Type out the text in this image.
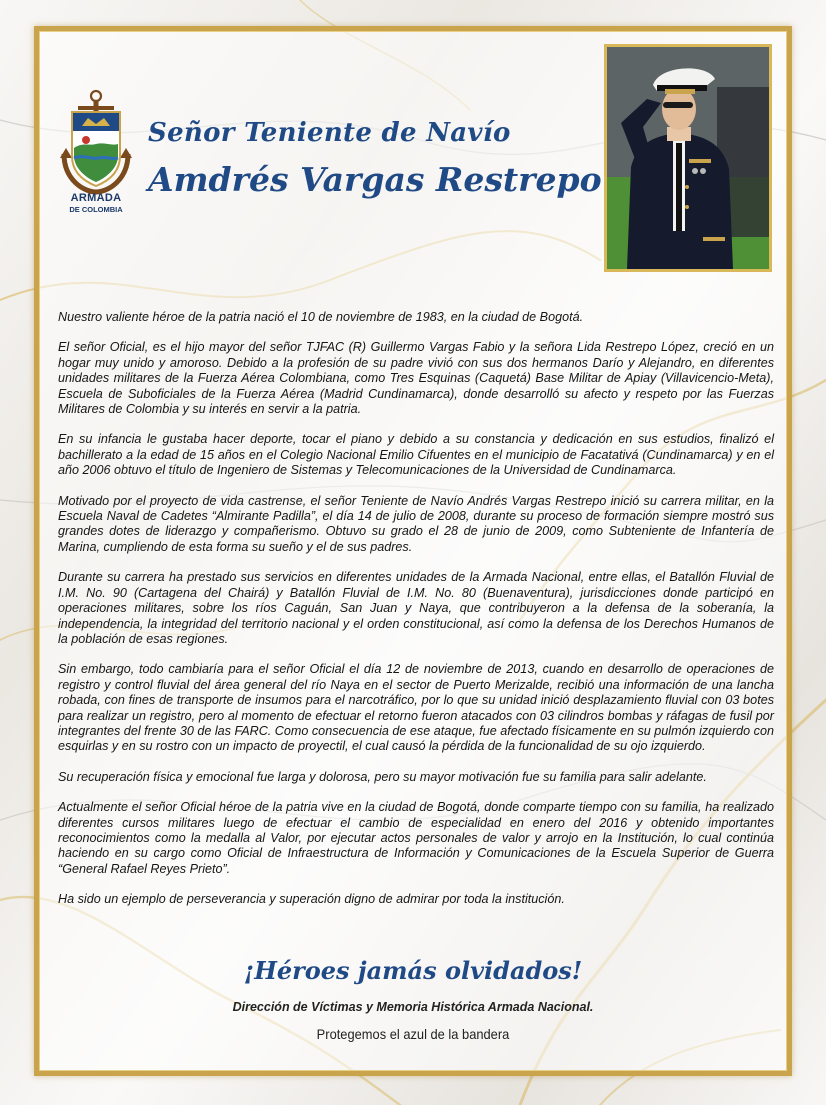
ARMADA
DE COLOMBIA
Señor Teniente de Navío
Amdrés Vargas Restrepo

Nuestro valiente héroe de la patria nació el 10 de noviembre de 1983, en la ciudad de Bogotá.

El señor Oficial, es el hijo mayor del señor TJFAC (R) Guillermo Vargas Fabio y la señora Lida Restrepo López, creció en un hogar muy unido y amoroso. Debido a la profesión de su padre vivió con sus dos hermanos Darío y Alejandro, en diferentes unidades militares de la Fuerza Aérea Colombiana, como Tres Esquinas (Caquetá) Base Militar de Apiay (Villavicencio-Meta), Escuela de Suboficiales de la Fuerza Aérea (Madrid Cundinamarca), donde desarrolló su afecto y respeto por las Fuerzas Militares de Colombia y su interés en servir a la patria.

En su infancia le gustaba hacer deporte, tocar el piano y debido a su constancia y dedicación en sus estudios, finalizó el bachillerato a la edad de 15 años en el Colegio Nacional Emilio Cifuentes en el municipio de Facatativá (Cundinamarca) y en el año 2006 obtuvo el título de Ingeniero de Sistemas y Telecomunicaciones de la Universidad de Cundinamarca.

Motivado por el proyecto de vida castrense, el señor Teniente de Navío Andrés Vargas Restrepo inició su carrera militar, en la Escuela Naval de Cadetes “Almirante Padilla”, el día 14 de julio de 2008, durante su proceso de formación siempre mostró sus grandes dotes de liderazgo y compañerismo. Obtuvo su grado el 28 de junio de 2009, como Subteniente de Infantería de Marina, cumpliendo de esta forma su sueño y el de sus padres.

Durante su carrera ha prestado sus servicios en diferentes unidades de la Armada Nacional, entre ellas, el Batallón Fluvial de I.M. No. 90 (Cartagena del Chairá) y Batallón Fluvial de I.M. No. 80 (Buenaventura), jurisdicciones donde participó en operaciones militares, sobre los ríos Caguán, San Juan y Naya, que contribuyeron a la defensa de la soberanía, la independencia, la integridad del territorio nacional y el orden constitucional, así como la defensa de los Derechos Humanos de la población de esas regiones.

Sin embargo, todo cambiaría para el señor Oficial el día 12 de noviembre de 2013, cuando en desarrollo de operaciones de registro y control fluvial del área general del río Naya en el sector de Puerto Merizalde, recibió una información de una lancha robada, con fines de transporte de insumos para el narcotráfico, por lo que su unidad inició desplazamiento fluvial con 03 botes para realizar un registro, pero al momento de efectuar el retorno fueron atacados con 03 cilindros bombas y ráfagas de fusil por integrantes del frente 30 de las FARC. Como consecuencia de ese ataque, fue afectado físicamente en su pulmón izquierdo con esquirlas y en su rostro con un impacto de proyectil, el cual causó la pérdida de la funcionalidad de su ojo izquierdo.

Su recuperación física y emocional fue larga y dolorosa, pero su mayor motivación fue su familia para salir adelante.

Actualmente el señor Oficial héroe de la patria vive en la ciudad de Bogotá, donde comparte tiempo con su familia, ha realizado diferentes cursos militares luego de efectuar el cambio de especialidad en enero del 2016 y obtenido importantes reconocimientos como la medalla al Valor, por ejecutar actos personales de valor y arrojo en la Institución, lo cual continúa haciendo en su cargo como Oficial de Infraestructura de Información y Comunicaciones de la Escuela Superior de Guerra “General Rafael Reyes Prieto”.

Ha sido un ejemplo de perseverancia y superación digno de admirar por toda la institución.

¡Héroes jamás olvidados!
Dirección de Víctimas y Memoria Histórica Armada Nacional.
Protegemos el azul de la bandera
